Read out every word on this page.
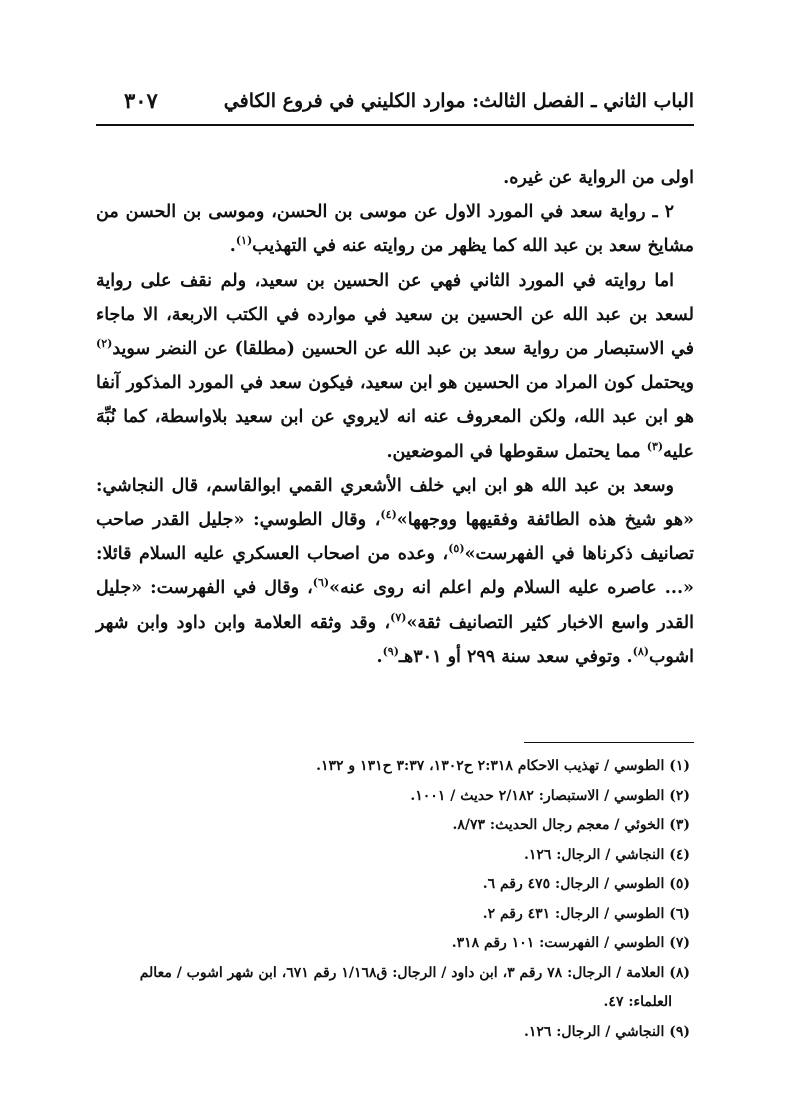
الباب الثاني ـ الفصل الثالث: موارد الكليني في فروع الكافي
٣٠٧

اولى من الرواية عن غيره.

٢ ـ رواية سعد في المورد الاول عن موسى بن الحسن، وموسى بن الحسن من مشايخ سعد بن عبد الله كما يظهر من روايته عنه في التهذيب$^{(١)}$.

اما روايته في المورد الثاني فهي عن الحسين بن سعيد، ولم نقف على رواية لسعد بن عبد الله عن الحسين بن سعيد في موارده في الكتب الاربعة، الا ماجاء في الاستبصار من رواية سعد بن عبد الله عن الحسين (مطلقا) عن النضر سويد$^{(٢)}$ ويحتمل كون المراد من الحسين هو ابن سعيد، فيكون سعد في المورد المذكور آنفا هو ابن عبد الله، ولكن المعروف عنه انه لايروي عن ابن سعيد بلاواسطة، كما نُبِّهَ عليه$^{(٣)}$ مما يحتمل سقوطها في الموضعين.

وسعد بن عبد الله هو ابن ابي خلف الأشعري القمي ابوالقاسم، قال النجاشي: «هو شيخ هذه الطائفة وفقيهها ووجهها»$^{(٤)}$، وقال الطوسي: «جليل القدر صاحب تصانيف ذكرناها في الفهرست»$^{(٥)}$، وعده من اصحاب العسكري عليه السلام قائلا: «... عاصره عليه السلام ولم اعلم انه روى عنه»$^{(٦)}$، وقال في الفهرست: «جليل القدر واسع الاخبار كثير التصانيف ثقة»$^{(٧)}$، وقد وثقه العلامة وابن داود وابن شهر اشوب$^{(٨)}$. وتوفي سعد سنة ٢٩٩ أو ٣٠١هـ$^{(٩)}$.

(١) الطوسي / تهذيب الاحكام ٢:٣١٨ ح١٣٠٢، ٣:٣٧ ح١٣١ و ١٣٢.
(٢) الطوسي / الاستبصار: ٢/١٨٢ حديث / ١٠٠١.
(٣) الخوئي / معجم رجال الحديث: ٨/٧٣.
(٤) النجاشي / الرجال: ١٢٦.
(٥) الطوسي / الرجال: ٤٧٥ رقم ٦.
(٦) الطوسي / الرجال: ٤٣١ رقم ٢.
(٧) الطوسي / الفهرست: ١٠١ رقم ٣١٨.
(٨) العلامة / الرجال: ٧٨ رقم ٣، ابن داود / الرجال: ق١/١٦٨ رقم ٦٧١، ابن شهر اشوب / معالم
العلماء: ٤٧.
(٩) النجاشي / الرجال: ١٢٦.
